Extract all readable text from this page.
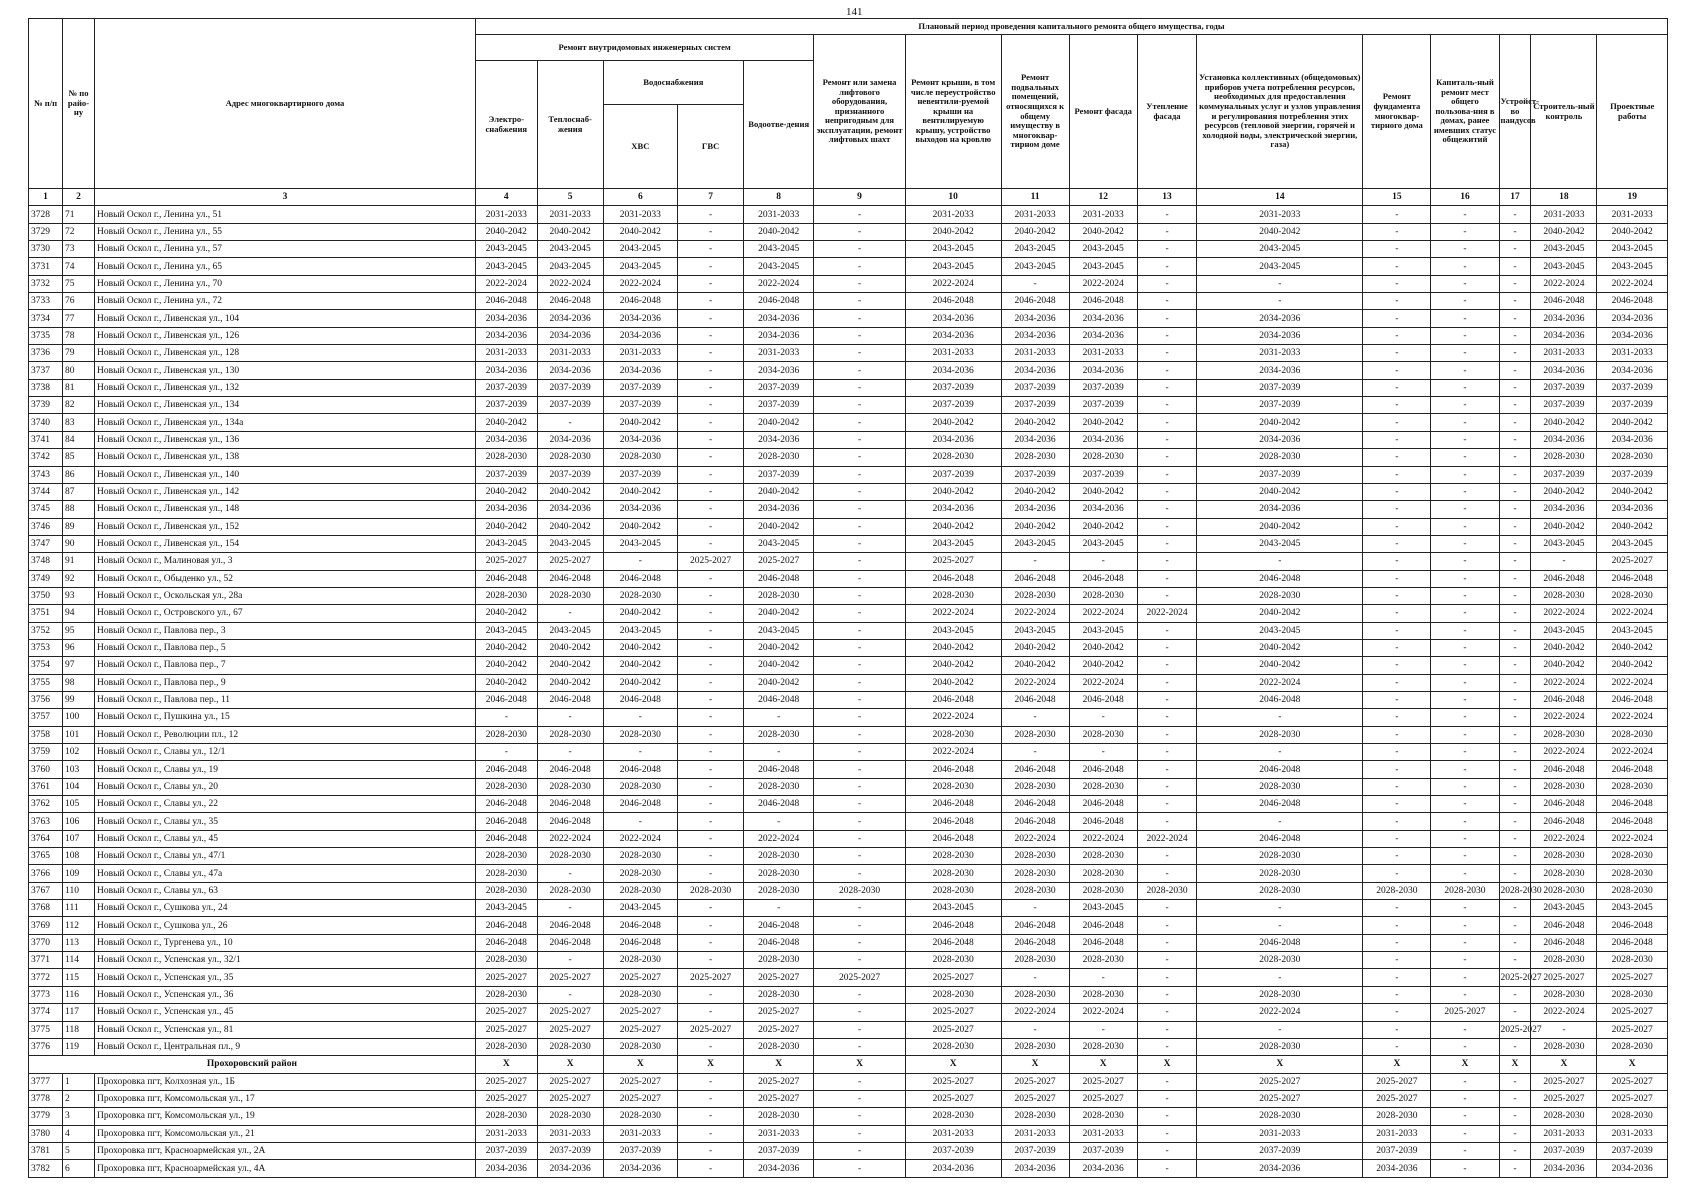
141
№ п/п	№ по райо-ну	Адрес многоквартирного дома	Плановый период проведения капитального ремонта общего имущества, годы															
			Ремонт внутридомовых инженерных систем					Ремонт или замена лифтового оборудования, признанного непригодным для эксплуатации, ремонт лифтовых шахт	Ремонт крыши, в том числе переустройство невентили-руемой крыши на вентилируемую крышу, устройство выходов на кровлю	Ремонт подвальных помещений, относящихся к общему имуществу в многоквар-тирном доме	Ремонт фасада	Утепление фасада	Установка коллективных (общедомовых) приборов учета потребления ресурсов, необходимых для предоставления коммунальных услуг и узлов управления и регулирования потребления этих ресурсов (тепловой энергии, горячей и холодной воды, электрической энергии, газа)	Ремонт фундамента многоквар-тирного дома	Капиталь-ный ремонт мест общего пользова-ния в домах, ранее имевших статус общежитий	Устройст-во пандусов	Строитель-ный контроль	Проектные работы
			Электро-снабжения	Теплоснаб-жения	Водоснабжения		Водоотве-дения											
					ХВС	ГВС												
1	2	3	4	5	6	7	8	9	10	11	12	13	14	15	16	17	18	19
3728	71	Новый Оскол г., Ленина ул., 51	2031-2033	2031-2033	2031-2033	-	2031-2033	-	2031-2033	2031-2033	2031-2033	-	2031-2033	-	-	-	2031-2033	2031-2033
3729	72	Новый Оскол г., Ленина ул., 55	2040-2042	2040-2042	2040-2042	-	2040-2042	-	2040-2042	2040-2042	2040-2042	-	2040-2042	-	-	-	2040-2042	2040-2042
3730	73	Новый Оскол г., Ленина ул., 57	2043-2045	2043-2045	2043-2045	-	2043-2045	-	2043-2045	2043-2045	2043-2045	-	2043-2045	-	-	-	2043-2045	2043-2045
3731	74	Новый Оскол г., Ленина ул., 65	2043-2045	2043-2045	2043-2045	-	2043-2045	-	2043-2045	2043-2045	2043-2045	-	2043-2045	-	-	-	2043-2045	2043-2045
3732	75	Новый Оскол г., Ленина ул., 70	2022-2024	2022-2024	2022-2024	-	2022-2024	-	2022-2024	-	2022-2024	-	-	-	-	-	2022-2024	2022-2024
3733	76	Новый Оскол г., Ленина ул., 72	2046-2048	2046-2048	2046-2048	-	2046-2048	-	2046-2048	2046-2048	2046-2048	-	-	-	-	-	2046-2048	2046-2048
3734	77	Новый Оскол г., Ливенская ул., 104	2034-2036	2034-2036	2034-2036	-	2034-2036	-	2034-2036	2034-2036	2034-2036	-	2034-2036	-	-	-	2034-2036	2034-2036
3735	78	Новый Оскол г., Ливенская ул., 126	2034-2036	2034-2036	2034-2036	-	2034-2036	-	2034-2036	2034-2036	2034-2036	-	2034-2036	-	-	-	2034-2036	2034-2036
3736	79	Новый Оскол г., Ливенская ул., 128	2031-2033	2031-2033	2031-2033	-	2031-2033	-	2031-2033	2031-2033	2031-2033	-	2031-2033	-	-	-	2031-2033	2031-2033
3737	80	Новый Оскол г., Ливенская ул., 130	2034-2036	2034-2036	2034-2036	-	2034-2036	-	2034-2036	2034-2036	2034-2036	-	2034-2036	-	-	-	2034-2036	2034-2036
3738	81	Новый Оскол г., Ливенская ул., 132	2037-2039	2037-2039	2037-2039	-	2037-2039	-	2037-2039	2037-2039	2037-2039	-	2037-2039	-	-	-	2037-2039	2037-2039
3739	82	Новый Оскол г., Ливенская ул., 134	2037-2039	2037-2039	2037-2039	-	2037-2039	-	2037-2039	2037-2039	2037-2039	-	2037-2039	-	-	-	2037-2039	2037-2039
3740	83	Новый Оскол г., Ливенская ул., 134а	2040-2042	-	2040-2042	-	2040-2042	-	2040-2042	2040-2042	2040-2042	-	2040-2042	-	-	-	2040-2042	2040-2042
3741	84	Новый Оскол г., Ливенская ул., 136	2034-2036	2034-2036	2034-2036	-	2034-2036	-	2034-2036	2034-2036	2034-2036	-	2034-2036	-	-	-	2034-2036	2034-2036
3742	85	Новый Оскол г., Ливенская ул., 138	2028-2030	2028-2030	2028-2030	-	2028-2030	-	2028-2030	2028-2030	2028-2030	-	2028-2030	-	-	-	2028-2030	2028-2030
3743	86	Новый Оскол г., Ливенская ул., 140	2037-2039	2037-2039	2037-2039	-	2037-2039	-	2037-2039	2037-2039	2037-2039	-	2037-2039	-	-	-	2037-2039	2037-2039
3744	87	Новый Оскол г., Ливенская ул., 142	2040-2042	2040-2042	2040-2042	-	2040-2042	-	2040-2042	2040-2042	2040-2042	-	2040-2042	-	-	-	2040-2042	2040-2042
3745	88	Новый Оскол г., Ливенская ул., 148	2034-2036	2034-2036	2034-2036	-	2034-2036	-	2034-2036	2034-2036	2034-2036	-	2034-2036	-	-	-	2034-2036	2034-2036
3746	89	Новый Оскол г., Ливенская ул., 152	2040-2042	2040-2042	2040-2042	-	2040-2042	-	2040-2042	2040-2042	2040-2042	-	2040-2042	-	-	-	2040-2042	2040-2042
3747	90	Новый Оскол г., Ливенская ул., 154	2043-2045	2043-2045	2043-2045	-	2043-2045	-	2043-2045	2043-2045	2043-2045	-	2043-2045	-	-	-	2043-2045	2043-2045
3748	91	Новый Оскол г., Малиновая ул., 3	2025-2027	2025-2027	-	2025-2027	2025-2027	-	2025-2027	-	-	-	-	-	-	-	-	2025-2027
3749	92	Новый Оскол г., Обыденко ул., 52	2046-2048	2046-2048	2046-2048	-	2046-2048	-	2046-2048	2046-2048	2046-2048	-	2046-2048	-	-	-	2046-2048	2046-2048
3750	93	Новый Оскол г., Оскольская ул., 28а	2028-2030	2028-2030	2028-2030	-	2028-2030	-	2028-2030	2028-2030	2028-2030	-	2028-2030	-	-	-	2028-2030	2028-2030
3751	94	Новый Оскол г., Островского ул., 67	2040-2042	-	2040-2042	-	2040-2042	-	2022-2024	2022-2024	2022-2024	2022-2024	2040-2042	-	-	-	2022-2024	2022-2024
3752	95	Новый Оскол г., Павлова пер., 3	2043-2045	2043-2045	2043-2045	-	2043-2045	-	2043-2045	2043-2045	2043-2045	-	2043-2045	-	-	-	2043-2045	2043-2045
3753	96	Новый Оскол г., Павлова пер., 5	2040-2042	2040-2042	2040-2042	-	2040-2042	-	2040-2042	2040-2042	2040-2042	-	2040-2042	-	-	-	2040-2042	2040-2042
3754	97	Новый Оскол г., Павлова пер., 7	2040-2042	2040-2042	2040-2042	-	2040-2042	-	2040-2042	2040-2042	2040-2042	-	2040-2042	-	-	-	2040-2042	2040-2042
3755	98	Новый Оскол г., Павлова пер., 9	2040-2042	2040-2042	2040-2042	-	2040-2042	-	2040-2042	2022-2024	2022-2024	-	2022-2024	-	-	-	2022-2024	2022-2024
3756	99	Новый Оскол г., Павлова пер., 11	2046-2048	2046-2048	2046-2048	-	2046-2048	-	2046-2048	2046-2048	2046-2048	-	2046-2048	-	-	-	2046-2048	2046-2048
3757	100	Новый Оскол г., Пушкина ул., 15	-	-	-	-	-	-	2022-2024	-	-	-	-	-	-	-	2022-2024	2022-2024
3758	101	Новый Оскол г., Революции пл., 12	2028-2030	2028-2030	2028-2030	-	2028-2030	-	2028-2030	2028-2030	2028-2030	-	2028-2030	-	-	-	2028-2030	2028-2030
3759	102	Новый Оскол г., Славы ул., 12/1	-	-	-	-	-	-	2022-2024	-	-	-	-	-	-	-	2022-2024	2022-2024
3760	103	Новый Оскол г., Славы ул., 19	2046-2048	2046-2048	2046-2048	-	2046-2048	-	2046-2048	2046-2048	2046-2048	-	2046-2048	-	-	-	2046-2048	2046-2048
3761	104	Новый Оскол г., Славы ул., 20	2028-2030	2028-2030	2028-2030	-	2028-2030	-	2028-2030	2028-2030	2028-2030	-	2028-2030	-	-	-	2028-2030	2028-2030
3762	105	Новый Оскол г., Славы ул., 22	2046-2048	2046-2048	2046-2048	-	2046-2048	-	2046-2048	2046-2048	2046-2048	-	2046-2048	-	-	-	2046-2048	2046-2048
3763	106	Новый Оскол г., Славы ул., 35	2046-2048	2046-2048	-	-	-	-	2046-2048	2046-2048	2046-2048	-	-	-	-	-	2046-2048	2046-2048
3764	107	Новый Оскол г., Славы ул., 45	2046-2048	2022-2024	2022-2024	-	2022-2024	-	2046-2048	2022-2024	2022-2024	2022-2024	2046-2048	-	-	-	2022-2024	2022-2024
3765	108	Новый Оскол г., Славы ул., 47/1	2028-2030	2028-2030	2028-2030	-	2028-2030	-	2028-2030	2028-2030	2028-2030	-	2028-2030	-	-	-	2028-2030	2028-2030
3766	109	Новый Оскол г., Славы ул., 47а	2028-2030	-	2028-2030	-	2028-2030	-	2028-2030	2028-2030	2028-2030	-	2028-2030	-	-	-	2028-2030	2028-2030
3767	110	Новый Оскол г., Славы ул., 63	2028-2030	2028-2030	2028-2030	2028-2030	2028-2030	2028-2030	2028-2030	2028-2030	2028-2030	2028-2030	2028-2030	2028-2030	2028-2030	2028-2030	2028-2030	2028-2030
3768	111	Новый Оскол г., Сушкова ул., 24	2043-2045	-	2043-2045	-	-	-	2043-2045	-	2043-2045	-	-	-	-	-	2043-2045	2043-2045
3769	112	Новый Оскол г., Сушкова ул., 26	2046-2048	2046-2048	2046-2048	-	2046-2048	-	2046-2048	2046-2048	2046-2048	-	-	-	-	-	2046-2048	2046-2048
3770	113	Новый Оскол г., Тургенева ул., 10	2046-2048	2046-2048	2046-2048	-	2046-2048	-	2046-2048	2046-2048	2046-2048	-	2046-2048	-	-	-	2046-2048	2046-2048
3771	114	Новый Оскол г., Успенская ул., 32/1	2028-2030	-	2028-2030	-	2028-2030	-	2028-2030	2028-2030	2028-2030	-	2028-2030	-	-	-	2028-2030	2028-2030
3772	115	Новый Оскол г., Успенская ул., 35	2025-2027	2025-2027	2025-2027	2025-2027	2025-2027	2025-2027	2025-2027	-	-	-	-	-	-	2025-2027	2025-2027	2025-2027
3773	116	Новый Оскол г., Успенская ул., 36	2028-2030	-	2028-2030	-	2028-2030	-	2028-2030	2028-2030	2028-2030	-	2028-2030	-	-	-	2028-2030	2028-2030
3774	117	Новый Оскол г., Успенская ул., 45	2025-2027	2025-2027	2025-2027	-	2025-2027	-	2025-2027	2022-2024	2022-2024	-	2022-2024	-	2025-2027	-	2022-2024	2025-2027
3775	118	Новый Оскол г., Успенская ул., 81	2025-2027	2025-2027	2025-2027	2025-2027	2025-2027	-	2025-2027	-	-	-	-	-	-	2025-2027	-	2025-2027
3776	119	Новый Оскол г., Центральная пл., 9	2028-2030	2028-2030	2028-2030	-	2028-2030	-	2028-2030	2028-2030	2028-2030	-	2028-2030	-	-	-	2028-2030	2028-2030
Прохоровский район			X	X	X	X	X	X	X	X	X	X	X	X	X	X	X	X
3777	1	Прохоровка пгт, Колхозная ул., 1Б	2025-2027	2025-2027	2025-2027	-	2025-2027	-	2025-2027	2025-2027	2025-2027	-	2025-2027	2025-2027	-	-	2025-2027	2025-2027
3778	2	Прохоровка пгт, Комсомольская ул., 17	2025-2027	2025-2027	2025-2027	-	2025-2027	-	2025-2027	2025-2027	2025-2027	-	2025-2027	2025-2027	-	-	2025-2027	2025-2027
3779	3	Прохоровка пгт, Комсомольская ул., 19	2028-2030	2028-2030	2028-2030	-	2028-2030	-	2028-2030	2028-2030	2028-2030	-	2028-2030	2028-2030	-	-	2028-2030	2028-2030
3780	4	Прохоровка пгт, Комсомольская ул., 21	2031-2033	2031-2033	2031-2033	-	2031-2033	-	2031-2033	2031-2033	2031-2033	-	2031-2033	2031-2033	-	-	2031-2033	2031-2033
3781	5	Прохоровка пгт, Красноармейская ул., 2А	2037-2039	2037-2039	2037-2039	-	2037-2039	-	2037-2039	2037-2039	2037-2039	-	2037-2039	2037-2039	-	-	2037-2039	2037-2039
3782	6	Прохоровка пгт, Красноармейская ул., 4А	2034-2036	2034-2036	2034-2036	-	2034-2036	-	2034-2036	2034-2036	2034-2036	-	2034-2036	2034-2036	-	-	2034-2036	2034-2036
